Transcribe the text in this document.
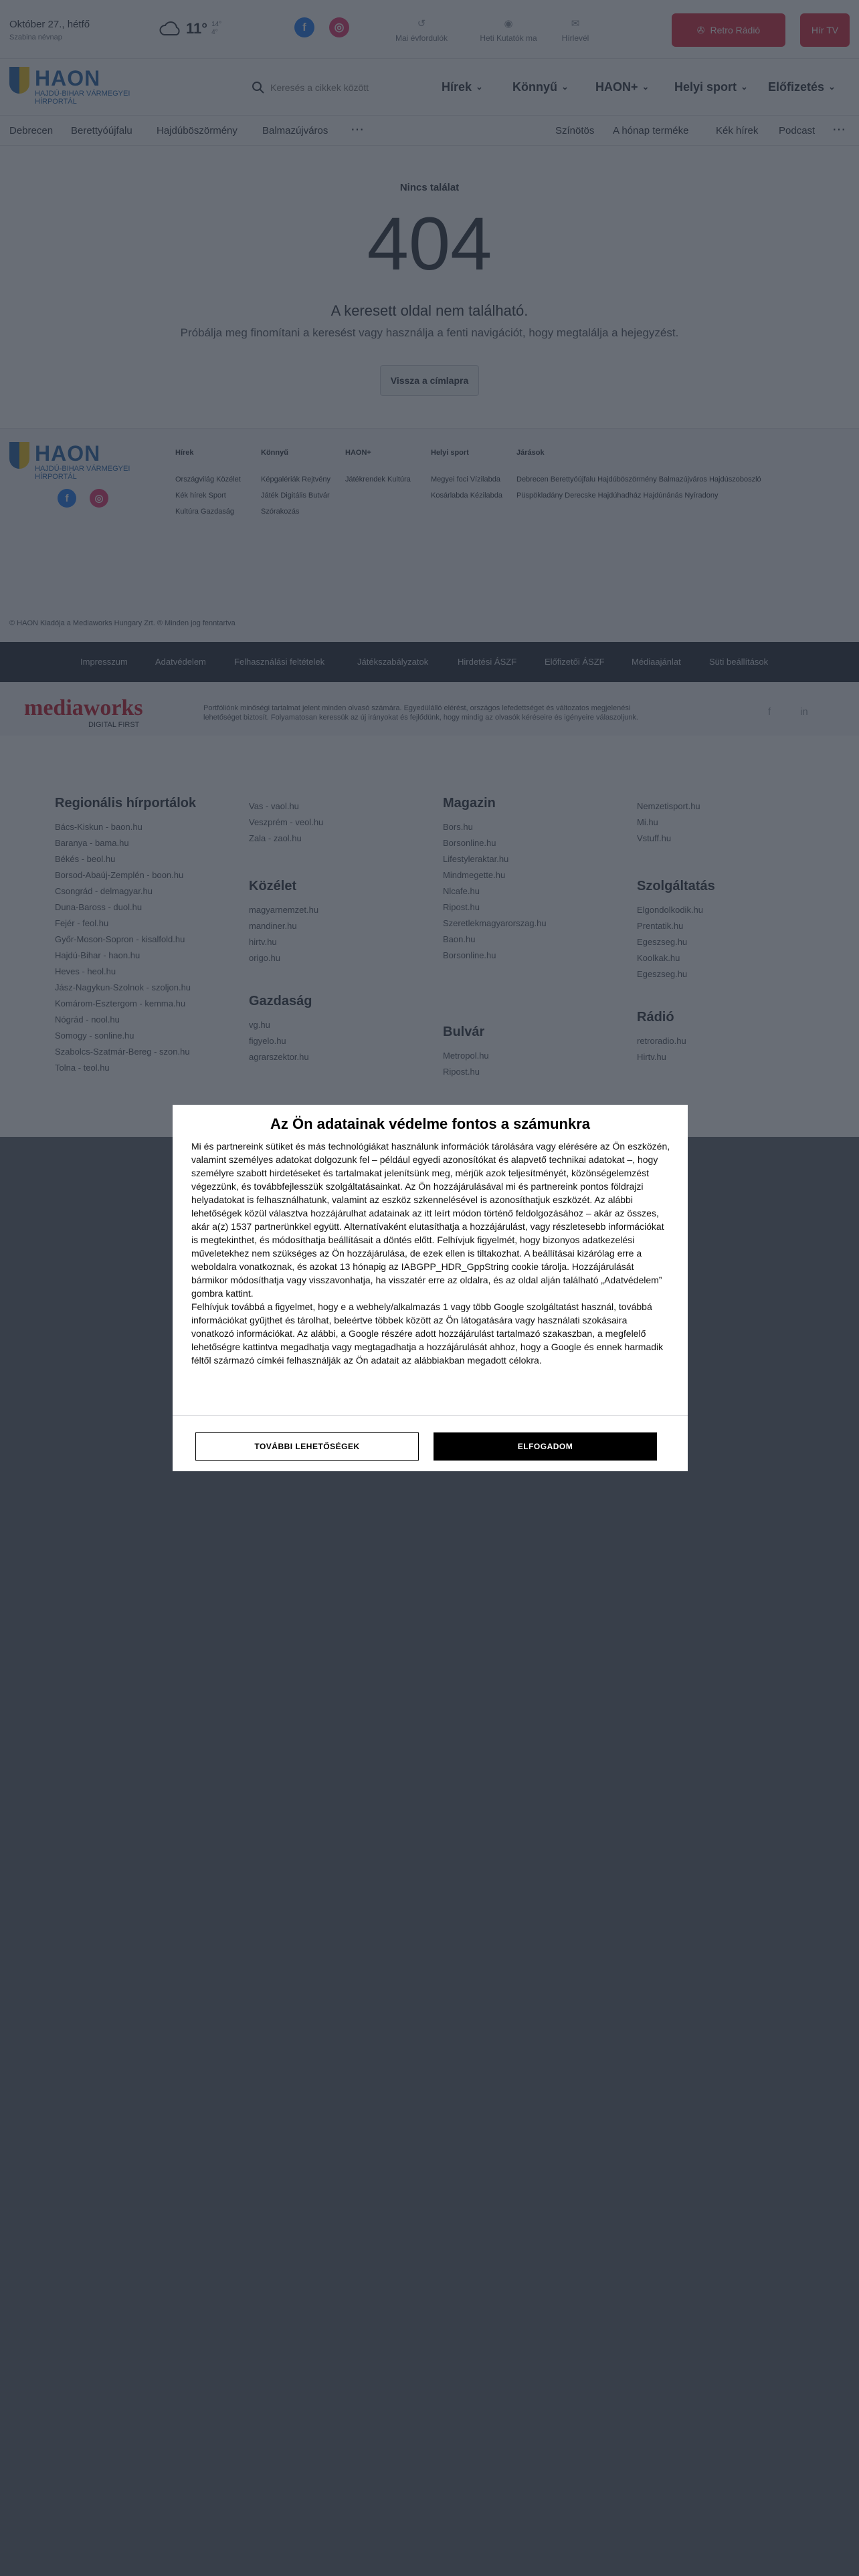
Keresés a cikkek között
Az Ön adatainak védelme fontos a számunkra

Mi és partnereink sütiket és más technológiákat használunk információk tárolására vagy elérésére az Ön eszközén, valamint személyes adatokat dolgozunk fel – például egyedi azonosítókat és alapvető technikai adatokat –, hogy személyre szabott hirdetéseket és tartalmakat jelenítsünk meg, mérjük azok teljesítményét, közönségelemzést végezzünk, és továbbfejlesszük szolgáltatásainkat. Az Ön hozzájárulásával mi és partnereink pontos földrajzi helyadatokat is felhasználhatunk, valamint az eszköz szkennelésével is azonosíthatjuk eszközét. Az alábbi lehetőségek közül választva hozzájárulhat adatainak az itt leírt módon történő feldolgozásához – akár az összes, akár a(z) 1537 partnerünkkel együtt. Alternatívaként elutasíthatja a hozzájárulást, vagy részletesebb információkat is megtekinthet, és módosíthatja beállításait a döntés előtt. Felhívjuk figyelmét, hogy bizonyos adatkezelési műveletekhez nem szükséges az Ön hozzájárulása, de ezek ellen is tiltakozhat. A beállításai kizárólag erre a weboldalra vonatkoznak, és azokat 13 hónapig az IABGPP_HDR_GppString cookie tárolja. Hozzájárulását bármikor módosíthatja vagy visszavonhatja, ha visszatér erre az oldalra, és az oldal alján található „Adatvédelem” gombra kattint.

Felhívjuk továbbá a figyelmet, hogy e a webhely/alkalmazás 1 vagy több Google szolgáltatást használ, továbbá információkat gyűjthet és tárolhat, beleértve többek között az Ön látogatására vagy használati szokásaira vonatkozó információkat. Az alábbi, a Google részére adott hozzájárulást tartalmazó szakaszban, a megfelelő lehetőségre kattintva megadhatja vagy megtagadhatja a hozzájárulását ahhoz, hogy a Google és ennek harmadik féltől származó címkéi felhasználják az Ön adatait az alábbiakban megadott célokra.

TOVÁBBI LEHETŐSÉGEK	ELFOGADOM
